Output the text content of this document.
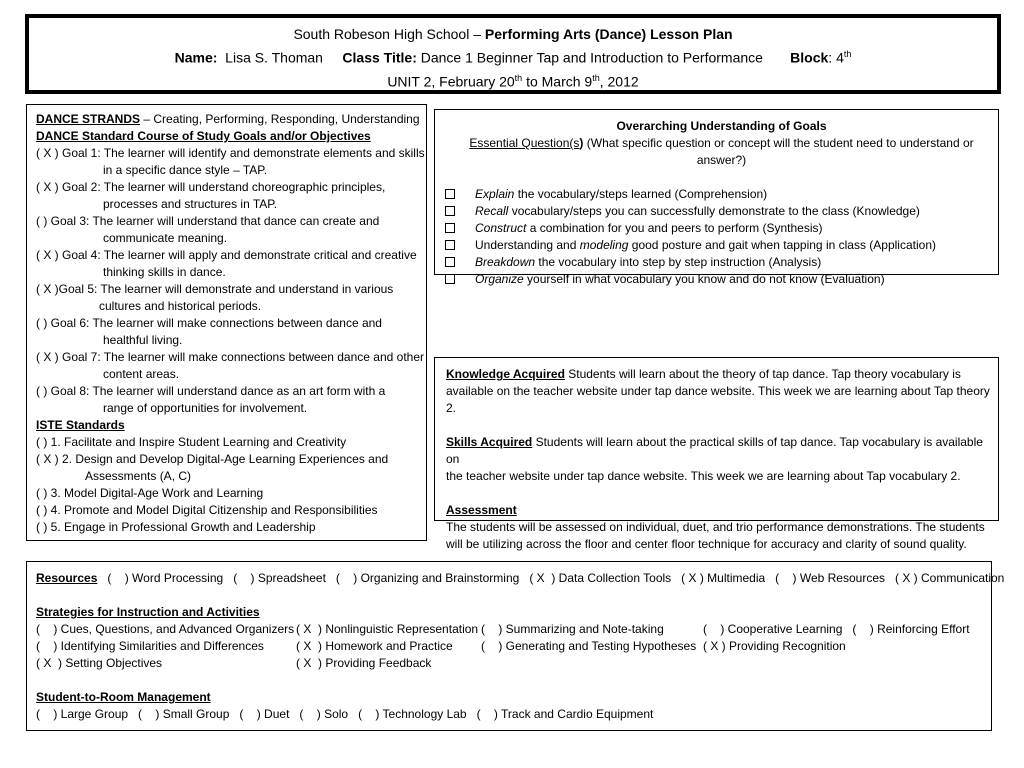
South Robeson High School – Performing Arts (Dance) Lesson Plan
Name: Lisa S. Thoman Class Title: Dance 1 Beginner Tap and Introduction to Performance Block: 4th
UNIT 2, February 20th to March 9th, 2012
DANCE STRANDS – Creating, Performing, Responding, Understanding
DANCE Standard Course of Study Goals and/or Objectives
( X ) Goal 1: The learner will identify and demonstrate elements and skills
in a specific dance style – TAP.
( X ) Goal 2: The learner will understand choreographic principles,
processes and structures in TAP.
( ) Goal 3: The learner will understand that dance can create and
communicate meaning.
( X ) Goal 4: The learner will apply and demonstrate critical and creative
thinking skills in dance.
( X )Goal 5: The learner will demonstrate and understand in various
cultures and historical periods.
( ) Goal 6: The learner will make connections between dance and
healthful living.
( X ) Goal 7: The learner will make connections between dance and other
content areas.
( ) Goal 8: The learner will understand dance as an art form with a
range of opportunities for involvement.
ISTE Standards
( ) 1. Facilitate and Inspire Student Learning and Creativity
( X ) 2. Design and Develop Digital-Age Learning Experiences and
Assessments (A, C)
( ) 3. Model Digital-Age Work and Learning
( ) 4. Promote and Model Digital Citizenship and Responsibilities
( ) 5. Engage in Professional Growth and Leadership
Overarching Understanding of Goals
Essential Question(s) (What specific question or concept will the student need to understand or answer?)
Explain the vocabulary/steps learned (Comprehension)
Recall vocabulary/steps you can successfully demonstrate to the class (Knowledge)
Construct a combination for you and peers to perform (Synthesis)
Understanding and modeling good posture and gait when tapping in class (Application)
Breakdown the vocabulary into step by step instruction (Analysis)
Organize yourself in what vocabulary you know and do not know (Evaluation)
Knowledge Acquired Students will learn about the theory of tap dance. Tap theory vocabulary is
available on the teacher website under tap dance website. This week we are learning about Tap theory 2.
Skills Acquired Students will learn about the practical skills of tap dance. Tap vocabulary is available on
the teacher website under tap dance website. This week we are learning about Tap vocabulary 2.
Assessment
The students will be assessed on individual, duet, and trio performance demonstrations. The students
will be utilizing across the floor and center floor technique for accuracy and clarity of sound quality.
Resources   (    ) Word Processing   (    ) Spreadsheet   (    ) Organizing and Brainstorming   ( X  ) Data Collection Tools   ( X ) Multimedia   (    ) Web Resources   ( X ) Communication
Strategies for Instruction and Activities
(    ) Cues, Questions, and Advanced Organizers ( X  ) Nonlinguistic Representation (    ) Summarizing and Note-taking	(    ) Cooperative Learning   (    ) Reinforcing Effort
(    ) Identifying Similarities and Differences	( X  ) Homework and Practice (    ) Generating and Testing Hypotheses ( X ) Providing Recognition
( X  ) Setting Objectives	( X  ) Providing Feedback
Student-to-Room Management
(    ) Large Group   (    ) Small Group   (    ) Duet   (    ) Solo   (    ) Technology Lab   (    ) Track and Cardio Equipment
